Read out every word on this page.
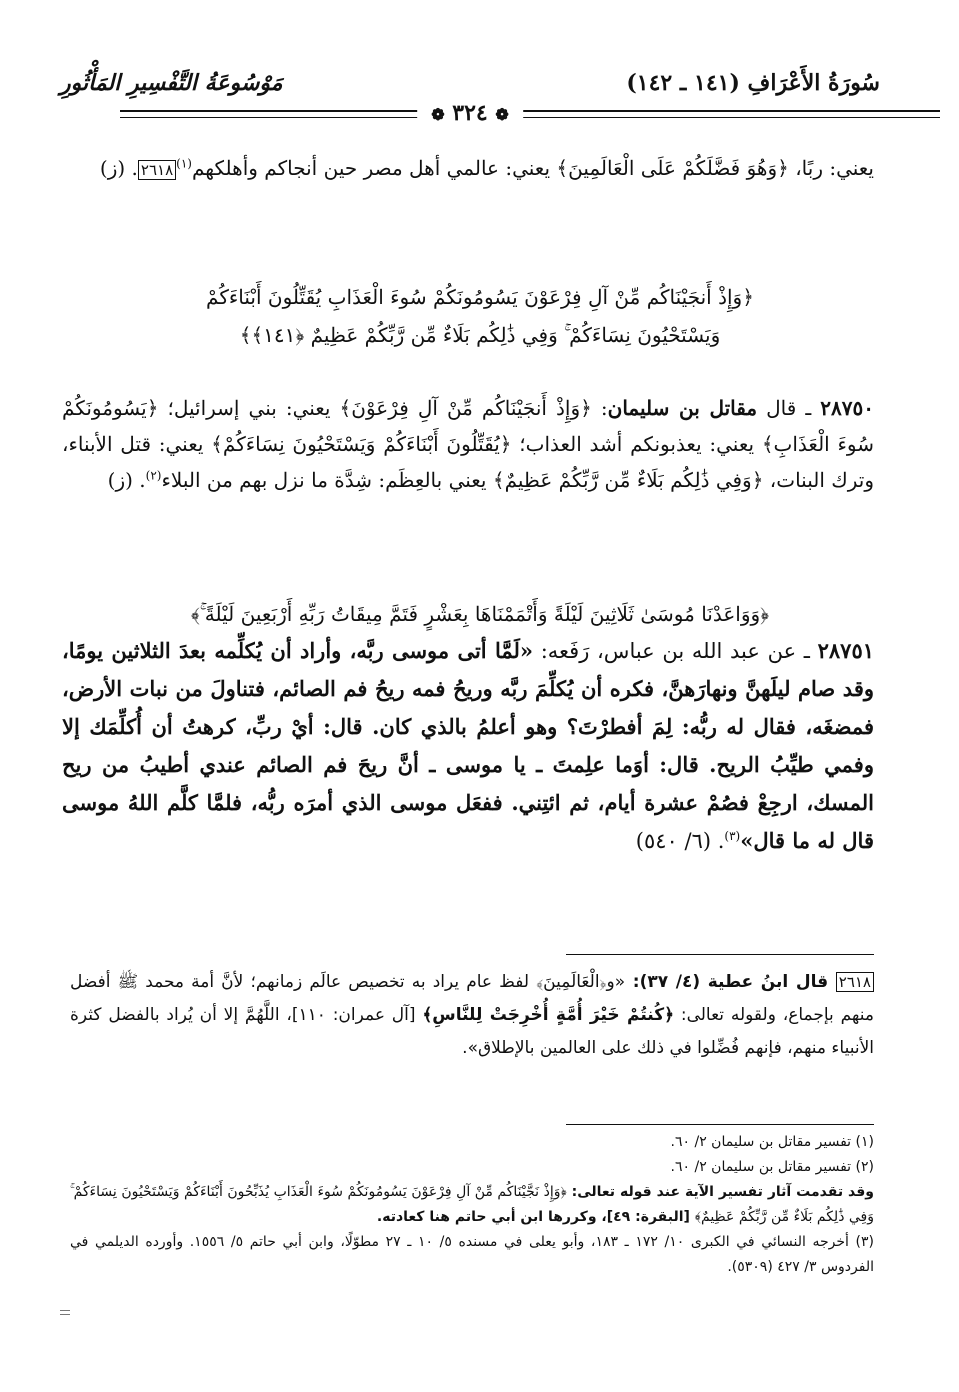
سُورَةُ الأَعْرَافِ (١٤١ ـ ١٤٢)
مَوْسُوعَةُ التَّفْسِيرِ المَأْثُورِ
❁ ٣٢٤ ❁

يعني: ربًا، ﴿وَهُوَ فَضَّلَكُمْ عَلَى الْعَالَمِينَ﴾ يعني: عالمي أهل مصر حين أنجاكم وأهلكهم$^{(١)}$٢٦١٨. (ز)

﴿وَإِذْ أَنجَيْنَاكُم مِّنْ آلِ فِرْعَوْنَ يَسُومُونَكُمْ سُوءَ الْعَذَابِ يُقَتِّلُونَ أَبْنَاءَكُمْ
وَيَسْتَحْيُونَ نِسَاءَكُمْ ۚ وَفِي ذَٰلِكُم بَلَاءٌ مِّن رَّبِّكُمْ عَظِيمٌ ﴿١٤١﴾﴾

٢٨٧٥٠ ـ قال مقاتل بن سليمان: ﴿وَإِذْ أَنجَيْنَاكُم مِّنْ آلِ فِرْعَوْنَ﴾ يعني: بني إسرائيل؛ ﴿يَسُومُونَكُمْ سُوءَ الْعَذَابِ﴾ يعني: يعذبونكم أشد العذاب؛ ﴿يُقَتِّلُونَ أَبْنَاءَكُمْ وَيَسْتَحْيُونَ نِسَاءَكُمْ﴾ يعني: قتل الأبناء، وترك البنات، ﴿وَفِي ذَٰلِكُم بَلَاءٌ مِّن رَّبِّكُمْ عَظِيمٌ﴾ يعني بالعِظَم: شِدَّة ما نزل بهم من البلاء$^{(٢)}$. (ز)

﴿وَوَاعَدْنَا مُوسَىٰ ثَلَاثِينَ لَيْلَةً وَأَتْمَمْنَاهَا بِعَشْرٍ فَتَمَّ مِيقَاتُ رَبِّهِ أَرْبَعِينَ لَيْلَةً ۚ﴾

٢٨٧٥١ ـ عن عبد الله بن عباس، رَفَعه: «لَمَّا أتى موسى ربَّه، وأراد أن يُكلِّمه بعدَ الثلاثين يومًا، وقد صام ليلَهنَّ ونهارَهنَّ، فكره أن يُكلِّمَ ربَّه وريحُ فمه ريحُ فم الصائم، فتناولَ من نبات الأرض، فمضغَه، فقال له ربُّه: لِمَ أفطرْتَ؟ وهو أعلمُ بالذي كان. قال: أيْ ربِّ، كرهتُ أن أُكلِّمَك إلا وفمي طيِّبُ الريح. قال: أوَما علِمتَ ـ يا موسى ـ أنَّ ريحَ فم الصائم عندي أطيبُ من ريح المسك، ارجِعْ فصُمْ عشرة أيام، ثم ائتِني. ففعَل موسى الذي أمرَه ربُّه، فلمَّا كلَّم اللهُ موسى قال له ما قال»$^{(٣)}$. (٦/ ٥٤٠)

٢٦١٨ قال ابنُ عطية (٤/ ٣٧): «و﴿الْعَالَمِينَ﴾ لفظ عام يراد به تخصيص عالَم زمانهم؛ لأنَّ أمة محمد ﷺ أفضل منهم بإجماع، ولقوله تعالى: ﴿كُنتُمْ خَيْرَ أُمَّةٍ أُخْرِجَتْ لِلنَّاسِ﴾ [آل عمران: ١١٠]، اللَّهُمَّ إلا أن يُراد بالفضل كثرة الأنبياء منهم، فإنهم فُضِّلوا في ذلك على العالمين بالإطلاق».

(١) تفسير مقاتل بن سليمان ٢/ ٦٠.
(٢) تفسير مقاتل بن سليمان ٢/ ٦٠.
وقد تقدمت آثار تفسير الآية عند قوله تعالى: ﴿وَإِذْ نَجَّيْنَاكُم مِّنْ آلِ فِرْعَوْنَ يَسُومُونَكُمْ سُوءَ الْعَذَابِ يُذَبِّحُونَ أَبْنَاءَكُمْ وَيَسْتَحْيُونَ نِسَاءَكُمْ ۚ وَفِي ذَٰلِكُم بَلَاءٌ مِّن رَّبِّكُمْ عَظِيمٌ﴾ [البقرة: ٤٩]، وكررها ابن أبي حاتم هنا كعادته.
(٣) أخرجه النسائي في الكبرى ١٠/ ١٧٢ ـ ١٨٣، وأبو يعلى في مسنده ٥/ ١٠ ـ ٢٧ مطوّلًا، وابن أبي حاتم ٥/ ١٥٥٦. وأورده الديلمي في الفردوس ٣/ ٤٢٧ (٥٣٠٩).
